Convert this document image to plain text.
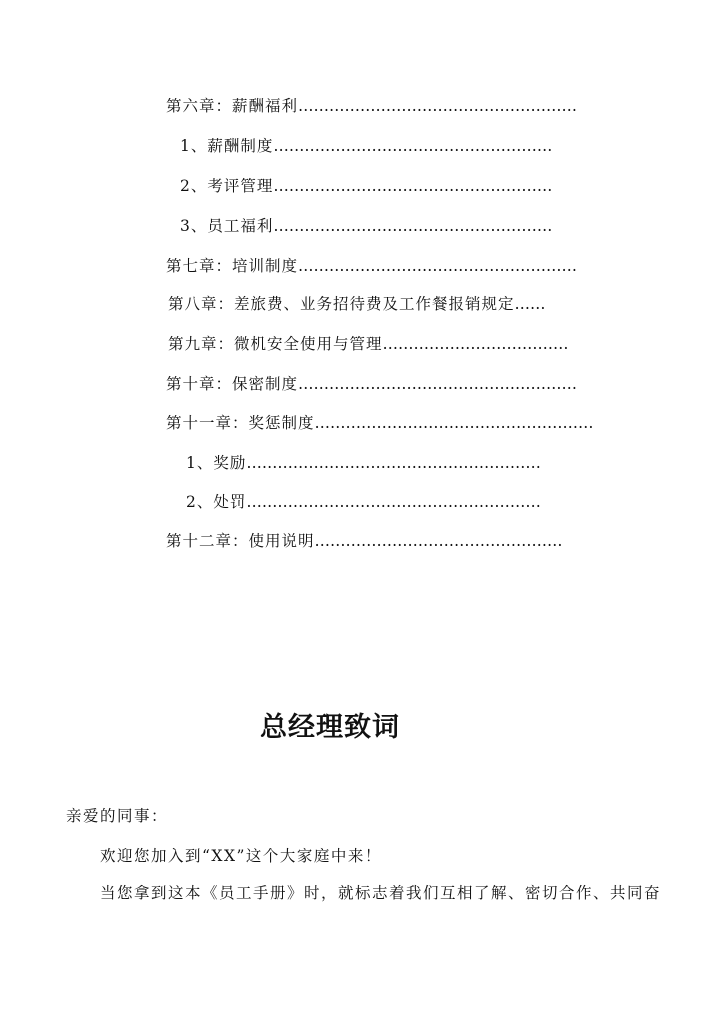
第六章：薪酬福利………………………………………………
1、薪酬制度………………………………………………
2、考评管理………………………………………………
3、员工福利………………………………………………
第七章：培训制度………………………………………………
第八章：差旅费、业务招待费及工作餐报销规定……
第九章：微机安全使用与管理………………………………
第十章：保密制度………………………………………………
第十一章：奖惩制度………………………………………………
1、奖励…………………………………………………
2、处罚…………………………………………………
第十二章：使用说明…………………………………………
总经理致词
亲爱的同事：
欢迎您加入到“XX”这个大家庭中来！
当您拿到这本《员工手册》时，就标志着我们互相了解、密切合作、共同奋
